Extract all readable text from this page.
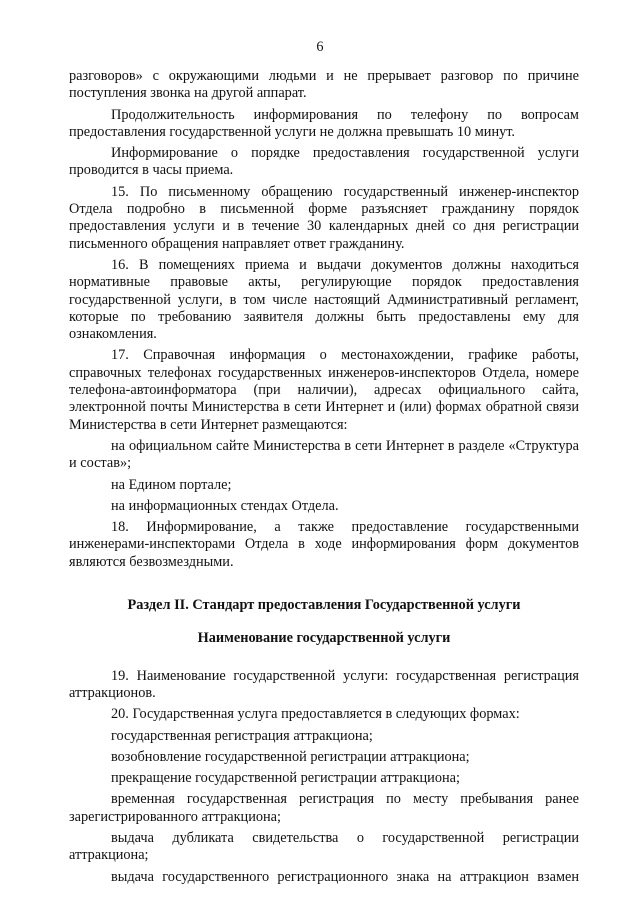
6

разговоров» с окружающими людьми и не прерывает разговор по причине поступления звонка на другой аппарат.

Продолжительность информирования по телефону по вопросам предоставления государственной услуги не должна превышать 10 минут.

Информирование о порядке предоставления государственной услуги проводится в часы приема.

15. По письменному обращению государственный инженер-инспектор Отдела подробно в письменной форме разъясняет гражданину порядок предоставления услуги и в течение 30 календарных дней со дня регистрации письменного обращения направляет ответ гражданину.

16. В помещениях приема и выдачи документов должны находиться нормативные правовые акты, регулирующие порядок предоставления государственной услуги, в том числе настоящий Административный регламент, которые по требованию заявителя должны быть предоставлены ему для ознакомления.

17. Справочная информация о местонахождении, графике работы, справочных телефонах государственных инженеров-инспекторов Отдела, номере телефона-автоинформатора (при наличии), адресах официального сайта, электронной почты Министерства в сети Интернет и (или) формах обратной связи Министерства в сети Интернет размещаются:

на официальном сайте Министерства в сети Интернет в разделе «Структура и состав»;

на Едином портале;

на информационных стендах Отдела.

18. Информирование, а также предоставление государственными инженерами-инспекторами Отдела в ходе информирования форм документов являются безвозмездными.

Раздел II. Стандарт предоставления Государственной услуги

Наименование государственной услуги

19. Наименование государственной услуги: государственная регистрация аттракционов.

20. Государственная услуга предоставляется в следующих формах:

государственная регистрация аттракциона;

возобновление государственной регистрации аттракциона;

прекращение государственной регистрации аттракциона;

временная государственная регистрация по месту пребывания ранее зарегистрированного аттракциона;

выдача дубликата свидетельства о государственной регистрации аттракциона;

выдача государственного регистрационного знака на аттракцион взамен
